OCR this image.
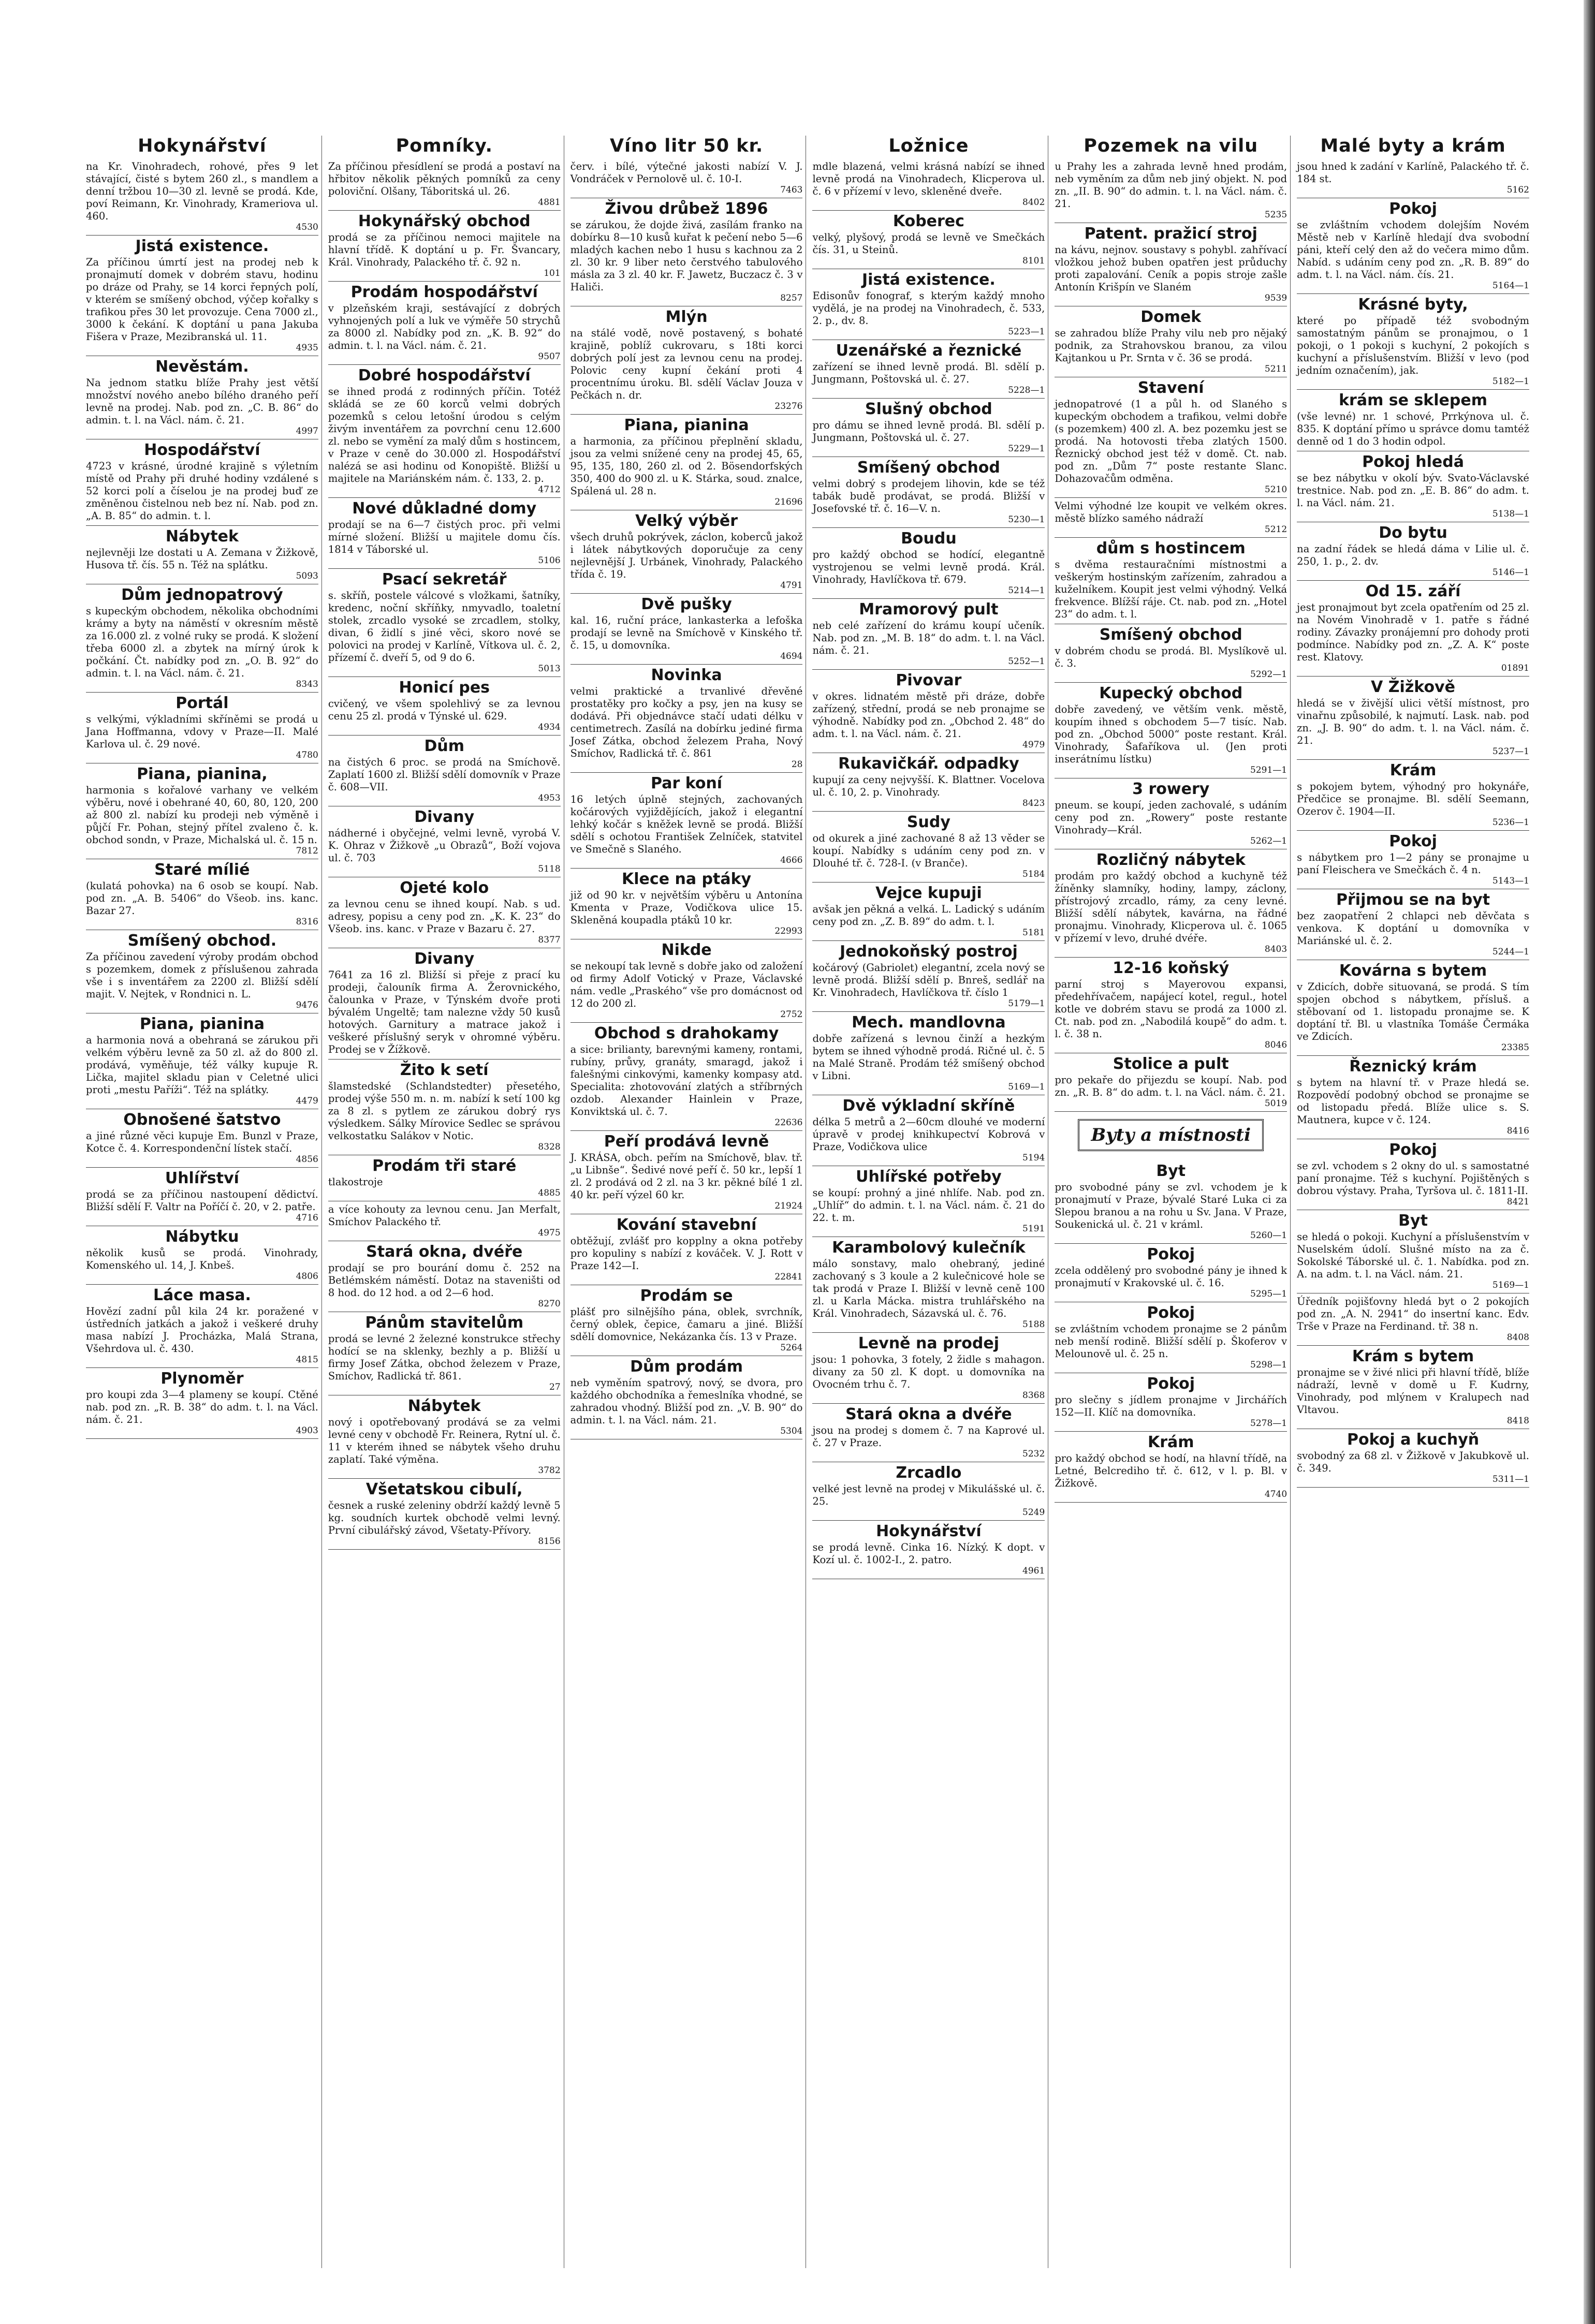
Hokynářství

na Kr. Vinohradech, rohové, přes 9 let stávající, čisté s bytem 260 zl., s mandlem a denní tržbou 10—30 zl. levně se prodá. Kde, poví Reimann, Kr. Vinohrady, Krameriova ul. 460.

4530
Jistá existence.

Za příčinou úmrtí jest na prodej neb k pronajmutí domek v dobrém stavu, hodinu po dráze od Prahy, se 14 korci řepných polí, v kterém se smíšený obchod, výčep kořalky s trafikou přes 30 let provozuje. Cena 7000 zl., 3000 k čekání. K doptání u pana Jakuba Fišera v Praze, Mezibranská ul. 11.

4935
Nevěstám.

Na jednom statku blíže Prahy jest větší množství nového anebo bílého draného peří levně na prodej. Nab. pod zn. „C. B. 86“ do admin. t. l. na Václ. nám. č. 21.

4997
Hospodářství

4723 v krásné, úrodné krajině s výletním místě od Prahy při druhé hodiny vzdálené s 52 korci polí a číselou je na prodej buď ze změněnou čistelnou neb bez ní. Nab. pod zn. „A. B. 85“ do admin. t. l.

Nábytek

nejlevněji lze dostati u A. Zemana v Žižkově, Husova tř. čís. 55 n. Též na splátku.

5093
Dům jednopatrový

s kupeckým obchodem, několika obchodními krámy a byty na náměstí v okresním městě za 16.000 zl. z volné ruky se prodá. K složení třeba 6000 zl. a zbytek na mírný úrok k počkání. Čt. nabídky pod zn. „O. B. 92“ do admin. t. l. na Václ. nám. č. 21.

8343
Portál

s velkými, výkladními skříněmi se prodá u Jana Hoffmanna, vdovy v Praze—II. Malé Karlova ul. č. 29 nové.

4780
Piana, pianina,

harmonia s kořalové varhany ve velkém výběru, nové i obehrané 40, 60, 80, 120, 200 až 800 zl. nabízí ku prodeji neb výměně i půjčí Fr. Pohan, stejný přítel zvaleno č. k. obchod sondn, v Praze, Michalská ul. č. 15 n.

7812
Staré mílié

(kulatá pohovka) na 6 osob se koupí. Nab. pod zn. „A. B. 5406“ do Všeob. ins. kanc. Bazar 27.

8316
Smíšený obchod.

Za příčinou zavedení výroby prodám obchod s pozemkem, domek z příslušenou zahrada vše i s inventářem za 2200 zl. Bližší sdělí majit. V. Nejtek, v Rondnici n. L.

9476
Piana, pianina

a harmonia nová a obehraná se zárukou při velkém výběru levně za 50 zl. až do 800 zl. prodává, vyměňuje, též války kupuje R. Lička, majitel skladu pian v Celetné ulici proti „mestu Paříži“. Též na splátky.

4479
Obnošené šatstvo

a jiné různé věci kupuje Em. Bunzl v Praze, Kotce č. 4. Korrespondenční lístek stačí.

4856
Uhlířství

prodá se za příčinou nastoupení dědictví. Bližší sdělí F. Valtr na Poříčí č. 20, v 2. patře.

4716
Nábytku

několik kusů se prodá. Vinohrady, Komenského ul. 14, J. Knbeš.

4806
Láce masa.

Hovězí zadní půl kila 24 kr. poražené v ústředních jatkách a jakož i veškeré druhy masa nabízí J. Procházka, Malá Strana, Všehrdova ul. č. 430.

4815
Plynoměr

pro koupi zda 3—4 plameny se koupí. Ctěné nab. pod zn. „R. B. 38“ do adm. t. l. na Václ. nám. č. 21.

4903
Pomníky.

Za příčinou přesídlení se prodá a postaví na hřbitov několik pěkných pomníků za ceny poloviční. Olšany, Táboritská ul. 26.

4881
Hokynářský obchod

prodá se za příčinou nemoci majitele na hlavní třídě. K doptání u p. Fr. Švancary, Král. Vinohrady, Palackého tř. č. 92 n.

101
Prodám hospodářství

v plzeňském kraji, sestávající z dobrých vyhnojených polí a luk ve výměře 50 strychů za 8000 zl. Nabídky pod zn. „K. B. 92“ do admin. t. l. na Václ. nám. č. 21.

9507
Dobré hospodářství

se ihned prodá z rodinných příčin. Totéž skládá se ze 60 korců velmi dobrých pozemků s celou letošní úrodou s celým živým inventářem za povrchní cenu 12.600 zl. nebo se vymění za malý dům s hostincem, v Praze v ceně do 30.000 zl. Hospodářství nalézá se asi hodinu od Konopiště. Bližší u majitele na Mariánském nám. č. 133, 2. p.

4712
Nové důkladné domy

prodají se na 6—7 čistých proc. při velmi mírné složení. Bližší u majitele domu čís. 1814 v Táborské ul.

5106
Psací sekretář

s. skříň, postele válcové s vložkami, šatníky, kredenc, noční skříňky, nmyvadlo, toaletní stolek, zrcadlo vysoké se zrcadlem, stolky, divan, 6 židlí s jiné věci, skoro nové se polovici na prodej v Karlíně, Vítkova ul. č. 2, přízemí č. dveří 5, od 9 do 6.

5013
Honicí pes

cvičený, ve všem spolehlivý se za levnou cenu 25 zl. prodá v Týnské ul. 629.

4934
Dům

na čistých 6 proc. se prodá na Smíchově. Zaplatí 1600 zl. Bližší sdělí domovník v Praze č. 608—VII.

4953
Divany

nádherné i obyčejné, velmi levně, vyrobá V. K. Ohraz v Žižkově „u Obrazů“, Boží vojova ul. č. 703

5118
Ojeté kolo

za levnou cenu se ihned koupí. Nab. s ud. adresy, popisu a ceny pod zn. „K. K. 23“ do Všeob. ins. kanc. v Praze v Bazaru č. 27.

8377
Divany

7641 za 16 zl. Bližší si přeje z prací ku prodeji, čalouník firma A. Žerovnického, čalounka v Praze, v Týnském dvoře proti bývalém Ungeltě; tam nalezne vždy 50 kusů hotových. Garnitury a matrace jakož i veškeré příslušný seryk v ohromné výběru. Prodej se v Žížkově.

Žito k setí

šlamstedské (Schlandstedter) přesetého, prodej výše 550 m. n. m. nabízí k setí 100 kg za 8 zl. s pytlem ze zárukou dobrý rys výsledkem. Sálky Mírovice Sedlec se správou velkostatku Salákov v Notic.

8328
Prodám tři staré

tlakostroje

4885

a více kohouty za levnou cenu. Jan Merfalt, Smíchov Palackého tř.

4975
Stará okna, dvéře

prodají se pro bourání domu č. 252 na Betlémském náměstí. Dotaz na staveništi od 8 hod. do 12 hod. a od 2—6 hod.

8270
Pánům stavitelům

prodá se levné 2 železné konstrukce střechy hodící se na sklenky, bezhly a p. Bližší u firmy Josef Zátka, obchod železem v Praze, Smíchov, Radlická tř. 861.

27
Nábytek

nový i opotřebovaný prodává se za velmi levné ceny v obchodě Fr. Reinera, Rytní ul. č. 11 v kterém ihned se nábytek všeho druhu zaplatí. Také výměna.

3782
Všetatskou cibulí,

česnek a ruské zeleniny obdrží každý levně 5 kg. soudních kurtek obchodě velmi levný. První cibulářský závod, Všetaty-Přívory.

8156
Víno litr 50 kr.

červ. i bílé, výtečné jakosti nabízí V. J. Vondráček v Pernolově ul. č. 10-I.

7463
Živou drůbež 1896

se zárukou, že dojde živá, zasílám franko na dobírku 8—10 kusů kuřat k pečení nebo 5—6 mladých kachen nebo 1 husu s kachnou za 2 zl. 30 kr. 9 liber neto čerstvého tabulového másla za 3 zl. 40 kr. F. Jawetz, Buczacz č. 3 v Haliči.

8257
Mlýn

na stálé vodě, nově postavený, s bohaté krajině, poblíž cukrovaru, s 18ti korci dobrých polí jest za levnou cenu na prodej. Polovic ceny kupní čekání proti 4 procentnímu úroku. Bl. sdělí Václav Jouza v Pečkách n. dr.

23276
Piana, pianina

a harmonia, za příčinou přeplnění skladu, jsou za velmi snížené ceny na prodej 45, 65, 95, 135, 180, 260 zl. od 2. Bösendorfských 350, 400 do 900 zl. u K. Stárka, soud. znalce, Spálená ul. 28 n.

21696
Velký výběr

všech druhů pokrývek, záclon, koberců jakož i látek nábytkových doporučuje za ceny nejlevnější J. Urbánek, Vinohrady, Palackého třída č. 19.

4791
Dvě pušky

kal. 16, ruční práce, lankasterka a lefoška prodají se levně na Smíchově v Kinského tř. č. 15, u domovníka.

4694
Novinka

velmi praktické a trvanlivé dřevěné prostatěky pro kočky a psy, jen na kusy se dodává. Při objednávce stačí udati délku v centimetrech. Zasílá na dobírku jediné firma Josef Zátka, obchod železem Praha, Nový Smíchov, Radlická tř. č. 861

28
Par koní

16 letých úplně stejných, zachovaných kočárových vyjiždějících, jakož i elegantní lehký kočár s kněžek levně se prodá. Bližší sdělí s ochotou František Zelníček, statvitel ve Smečně s Slaného.

4666
Klece na ptáky

již od 90 kr. v největším výběru u Antonína Kmenta v Praze, Vodičkova ulice 15. Skleněná koupadla ptáků 10 kr.

22993
Nikde

se nekoupí tak levně s dobře jako od založení od firmy Adolf Votický v Praze, Václavské nám. vedle „Praského“ vše pro domácnost od 12 do 200 zl.

2752
Obchod s drahokamy

a sice: brilianty, barevnými kameny, rontami, rubíny, průvy, granáty, smaragd, jakož i falešnými cinkovými, kamenky kompasy atd. Specialita: zhotovování zlatých a stříbrných ozdob. Alexander Hainlein v Praze, Konviktská ul. č. 7.

22636
Peří prodává levně

J. KRÁSA, obch. peřím na Smíchově, blav. tř. „u Libnše“. Šedivé nové peří č. 50 kr., lepší 1 zl. 2 prodává od 2 zl. na 3 kr. pěkné bílé 1 zl. 40 kr. peří výzel 60 kr.

21924
Kování stavební

obtěžují, zvlášť pro kopplny a okna potřeby pro kopuliny s nabízí z kováček. V. J. Rott v Praze 142—I.

22841
Prodám se

plášť pro silnějšího pána, oblek, svrchník, černý oblek, čepice, čamaru a jiné. Bližší sdělí domovnice, Nekázanka čís. 13 v Praze.

5264
Dům prodám

neb vyměním spatrový, nový, se dvora, pro každého obchodníka a řemeslníka vhodné, se zahradou vhodný. Bližší pod zn. „V. B. 90“ do admin. t. l. na Václ. nám. 21.

5304
Ložnice

mdle blazená, velmi krásná nabízí se ihned levně prodá na Vinohradech, Klicperova ul. č. 6 v přízemí v levo, skleněné dveře.

8402
Koberec

velký, plyšový, prodá se levně ve Smečkách čís. 31, u Steinů.

8101
Jistá existence.

Edisonův fonograf, s kterým každý mnoho vydělá, je na prodej na Vinohradech, č. 533, 2. p., dv. 8.

5223—1
Uzenářské a řeznické

zařízení se ihned levně prodá. Bl. sdělí p. Jungmann, Poštovská ul. č. 27.

5228—1
Slušný obchod

pro dámu se ihned levně prodá. Bl. sdělí p. Jungmann, Poštovská ul. č. 27.

5229—1
Smíšený obchod

velmi dobrý s prodejem lihovin, kde se též tabák budě prodávat, se prodá. Bližší v Josefovské tř. č. 16—V. n.

5230—1
Boudu

pro každý obchod se hodící, elegantně vystrojenou se velmi levně prodá. Král. Vinohrady, Havlíčkova tř. 679.

5214—1
Mramorový pult

neb celé zařízení do krámu koupí učeník. Nab. pod zn. „M. B. 18“ do adm. t. l. na Václ. nám. č. 21.

5252—1
Pivovar

v okres. lidnatém městě při dráze, dobře zařízený, střední, prodá se neb pronajme se výhodně. Nabídky pod zn. „Obchod 2. 48“ do adm. t. l. na Václ. nám. č. 21.

4979
Rukavičkář. odpadky

kupují za ceny nejvyšší. K. Blattner. Vocelova ul. č. 10, 2. p. Vinohrady.

8423
Sudy

od okurek a jiné zachované 8 až 13 věder se koupí. Nabídky s udáním ceny pod zn. v Dlouhé tř. č. 728-I. (v Branče).

5184
Vejce kupuji

avšak jen pěkná a velká. L. Ladický s udáním ceny pod zn. „Z. B. 89“ do adm. t. l.

5181
Jednokoňský postroj

kočárový (Gabriolet) elegantní, zcela nový se levně prodá. Bližší sdělí p. Bnreš, sedlář na Kr. Vinohradech, Havlíčkova tř. číslo 1

5179—1
Mech. mandlovna

dobře zařízená s levnou činží a hezkým bytem se ihned výhodně prodá. Ričné ul. č. 5 na Malé Straně. Prodám též smíšený obchod v Libni.

5169—1
Dvě výkladní skříně

délka 5 metrů a 2—60cm dlouhé ve moderní úpravě v prodej knihkupectví Kobrová v Praze, Vodičkova ulice

5194
Uhlířské potřeby

se koupí: prohný a jiné nhlífe. Nab. pod zn. „Uhlíř“ do admin. t. l. na Václ. nám. č. 21 do 22. t. m.

5191
Karambolový kulečník

málo sonstavy, malo ohebraný, jediné zachovaný s 3 koule a 2 kulečnicové hole se tak prodá v Praze I. Bližší v levně ceně 100 zl. u Karla Mácka. mistra truhlářského na Král. Vinohradech, Sázavská ul. č. 76.

5188
Levně na prodej

jsou: 1 pohovka, 3 fotely, 2 židle s mahagon. divany za 50 zl. K dopt. u domovníka na Ovocném trhu č. 7.

8368
Stará okna a dvéře

jsou na prodej s domem č. 7 na Kaprové ul. č. 27 v Praze.

5232
Zrcadlo

velké jest levně na prodej v Mikulášské ul. č. 25.

5249
Hokynářství

se prodá levně. Cinka 16. Nízký. K dopt. v Kozí ul. č. 1002-I., 2. patro.

4961
Pozemek na vilu

u Prahy les a zahrada levně hned prodám, neb vyměním za dům neb jiný objekt. N. pod zn. „II. B. 90“ do admin. t. l. na Václ. nám. č. 21.

5235
Patent. pražicí stroj

na kávu, nejnov. soustavy s pohybl. zahřívací vložkou jehož buben opatřen jest průduchy proti zapalování. Ceník a popis stroje zašle Antonín Krišpín ve Slaném

9539
Domek

se zahradou blíže Prahy vilu neb pro nějaký podnik, za Strahovskou branou, za vilou Kajtankou u Pr. Srnta v č. 36 se prodá.

5211
Stavení

jednopatrové (1 a půl h. od Slaného s kupeckým obchodem a trafikou, velmi dobře (s pozemkem) 400 zl. A. bez pozemku jest se prodá. Na hotovosti třeba zlatých 1500. Řeznický obchod jest též v domě. Ct. nab. pod zn. „Dům 7“ poste restante Slanc. Dohazovačům odměna.

5210

Velmi výhodné lze koupit ve velkém okres. městě blízko samého nádraží

5212
dům s hostincem

s dvěma restauračními místnostmi a veškerým hostinským zařízením, zahradou a kuželníkem. Koupit jest velmi výhodný. Velká frekvence. Blížší ráje. Ct. nab. pod zn. „Hotel 23“ do adm. t. l.

Smíšený obchod

v dobrém chodu se prodá. Bl. Myslíkově ul. č. 3.

5292—1
Kupecký obchod

dobře zavedený, ve větším venk. městě, koupím ihned s obchodem 5—7 tisíc. Nab. pod zn. „Obchod 5000“ poste restant. Král. Vinohrady, Šafaříkova ul. (Jen proti inserátnímu lístku)

5291—1
3 rowery

pneum. se koupí, jeden zachovalé, s udáním ceny pod zn. „Rowery“ poste restante Vinohrady—Král.

5262—1
Rozličný nábytek

prodám pro každý obchod a kuchyně též žíněnky slamníky, hodiny, lampy, záclony, přístrojový zrcadlo, rámy, za ceny levné. Bližší sdělí nábytek, kavárna, na řádné pronajmu. Vinohrady, Klicperova ul. č. 1065 v přízemí v levo, druhé dvéře.

8403
12-16 koňský

parní stroj s Mayerovou expansi, předehřívačem, napájecí kotel, regul., hotel kotle ve dobrém stavu se prodá za 1000 zl. Ct. nab. pod zn. „Nabodilá koupě“ do adm. t. l. č. 38 n.

8046
Stolice a pult

pro pekaře do přijezdu se koupí. Nab. pod zn. „R. B. 8“ do adm. t. l. na Václ. nám. č. 21.

5019
Byty a místnosti
Byt

pro svobodné pány se zvl. vchodem je k pronajmutí v Praze, bývalé Staré Luka ci za Slepou branou a na rohu u Sv. Jana. V Praze, Soukenická ul. č. 21 v kráml.

5260—1
Pokoj

zcela oddělený pro svobodné pány je ihned k pronajmutí v Krakovské ul. č. 16.

5295—1
Pokoj

se zvláštním vchodem pronajme se 2 pánům neb menší rodině. Bližší sdělí p. Škoferov v Melounově ul. č. 25 n.

5298—1
Pokoj

pro slečny s jídlem pronajme v Jirchářích 152—II. Klíč na domovníka.

5278—1
Krám

pro každý obchod se hodí, na hlavní třídě, na Letné, Belcrediho tř. č. 612, v l. p. Bl. v Žižkově.

4740
Malé byty a krám

jsou hned k zadání v Karlíně, Palackého tř. č. 184 st.

5162
Pokoj

se zvláštním vchodem dolejším Novém Městě neb v Karlíně hledají dva svobodní páni, kteří celý den až do večera mimo dům. Nabíd. s udáním ceny pod zn. „R. B. 89“ do adm. t. l. na Václ. nám. čís. 21.

5164—1
Krásné byty,

které po případě též svobodným samostatným pánům se pronajmou, o 1 pokoji, o 1 pokoji s kuchyní, 2 pokojích s kuchyní a příslušenstvím. Bližší v levo (pod jedním označením), jak.

5182—1
krám se sklepem

(vše levné) nr. 1 schové, Prrkýnova ul. č. 835. K doptání přímo u správce domu tamtéž denně od 1 do 3 hodin odpol.

Pokoj hledá

se bez nábytku v okolí býv. Svato-Václavské trestnice. Nab. pod zn. „E. B. 86“ do adm. t. l. na Václ. nám. 21.

5138—1
Do bytu

na zadní řádek se hledá dáma v Lilie ul. č. 250, 1. p., 2. dv.

5146—1
Od 15. září

jest pronajmout byt zcela opatřením od 25 zl. na Novém Vinohradě v 1. patře s řádné rodiny. Závazky pronájemní pro dohody proti podmínce. Nabídky pod zn. „Z. A. K“ poste rest. Klatovy.

01891
V Žižkově

hledá se v živější ulici větší místnost, pro vinařnu způsobilé, k najmutí. Lask. nab. pod zn. „J. B. 90“ do adm. t. l. na Václ. nám. č. 21.

5237—1
Krám

s pokojem bytem, výhodný pro hokynáře, Předčice se pronajme. Bl. sdělí Seemann, Ozerov č. 1904—II.

5236—1
Pokoj

s nábytkem pro 1—2 pány se pronajme u paní Fleischera ve Smečkách č. 4 n.

5143—1
Přijmou se na byt

bez zaopatření 2 chlapci neb děvčata s venkova. K doptání u domovníka v Mariánské ul. č. 2.

5244—1
Kovárna s bytem

v Zdicích, dobře situovaná, se prodá. S tím spojen obchod s nábytkem, přísluš. a stěbovaní od 1. listopadu pronajme se. K doptání tř. Bl. u vlastníka Tomáše Čermáka ve Zdicích.

23385
Řeznický krám

s bytem na hlavní tř. v Praze hledá se. Rozpovědí podobný obchod se pronajme se od listopadu předá. Blíže ulice s. S. Mautnera, kupce v č. 124.

8416
Pokoj

se zvl. vchodem s 2 okny do ul. s samostatné paní pronajme. Též s kuchyní. Pojištěných s dobrou výstavy. Praha, Tyršova ul. č. 1811-II.

8421
Byt

se hledá o pokoji. Kuchyní a příslušenstvím v Nuselském údolí. Slušné místo na za č. Sokolské Táborské ul. č. 1. Nabídka. pod zn. A. na adm. t. l. na Václ. nám. 21.

5169—1

Úředník pojišťovny hledá byt o 2 pokojích pod zn. „A. N. 2941“ do insertní kanc. Edv. Trše v Praze na Ferdinand. tř. 38 n.

8408
Krám s bytem

pronajme se v živé nlici při hlavní třídě, blíže nádraží, levně v domě u F. Kudrny, Vinohrady, pod mlýnem v Kralupech nad Vltavou.

8418
Pokoj a kuchyň

svobodný za 68 zl. v Žižkově v Jakubkově ul. č. 349.

5311—1
